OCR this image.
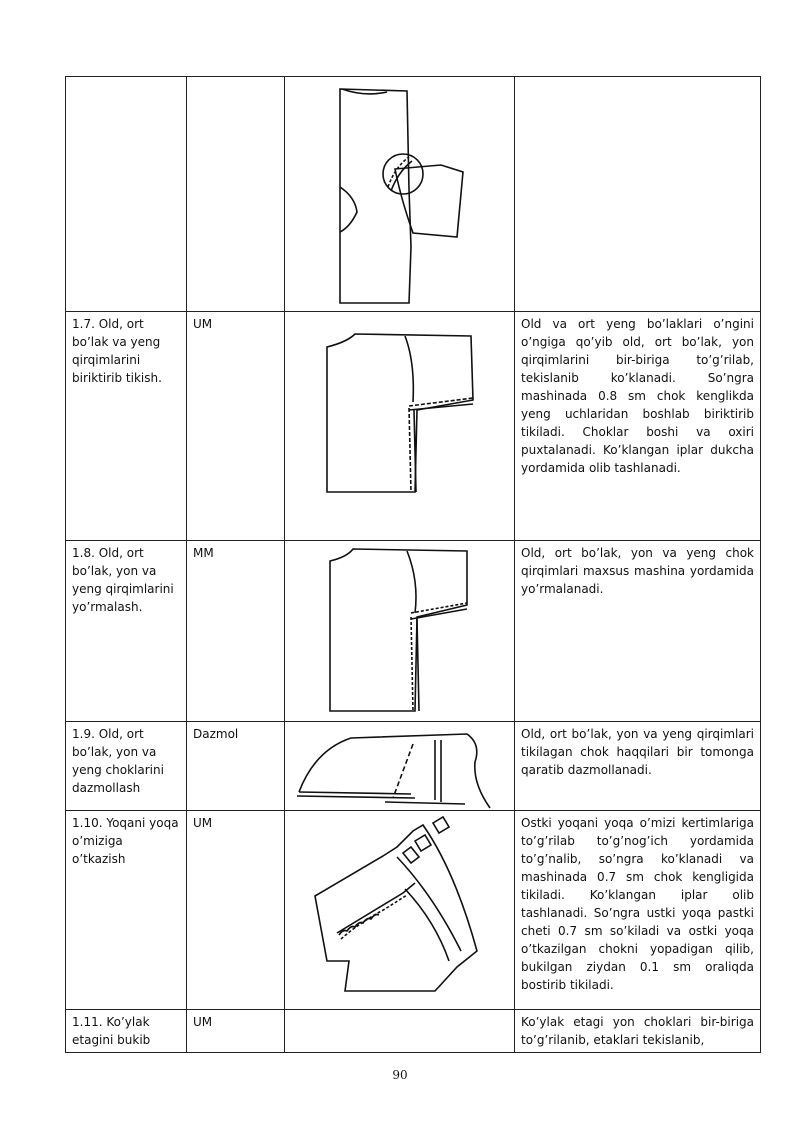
1.7. Old, ort bo’lak va yeng qirqimlarini biriktirib tikish.	UM		Old va ort yeng bo’laklari o’ngini o’ngiga qo’yib old, ort bo’lak, yon qirqimlarini bir-biriga to’g’rilab, tekislanib ko’klanadi. So’ngra mashinada 0.8 sm chok kenglikda yeng uchlaridan boshlab biriktirib tikiladi. Choklar boshi va oxiri puxtalanadi. Ko’klangan iplar dukcha yordamida olib tashlanadi.

1.8. Old, ort bo’lak, yon va yeng qirqimlarini yo’rmalash.	MM		Old, ort bo’lak, yon va yeng chok qirqimlari maxsus mashina yordamida yo’rmalanadi.

1.9. Old, ort bo’lak, yon va yeng choklarini dazmollash	Dazmol		Old, ort bo’lak, yon va yeng qirqimlari tikilagan chok haqqilari bir tomonga qaratib dazmollanadi.

1.10. Yoqani yoqa o’miziga o’tkazish	UM		Ostki yoqani yoqa o’mizi kertimlariga to’g’rilab to’g’nog’ich yordamida to’g’nalib, so’ngra ko’klanadi va mashinada 0.7 sm chok kengligida tikiladi. Ko’klangan iplar olib tashlanadi. So’ngra ustki yoqa pastki cheti 0.7 sm so’kiladi va ostki yoqa o’tkazilgan chokni yopadigan qilib, bukilgan ziydan 0.1 sm oraliqda bostirib tikiladi.

1.11. Ko’ylak etagini bukib	UM		Ko’ylak etagi yon choklari bir-biriga to’g’rilanib, etaklari tekislanib,
90
